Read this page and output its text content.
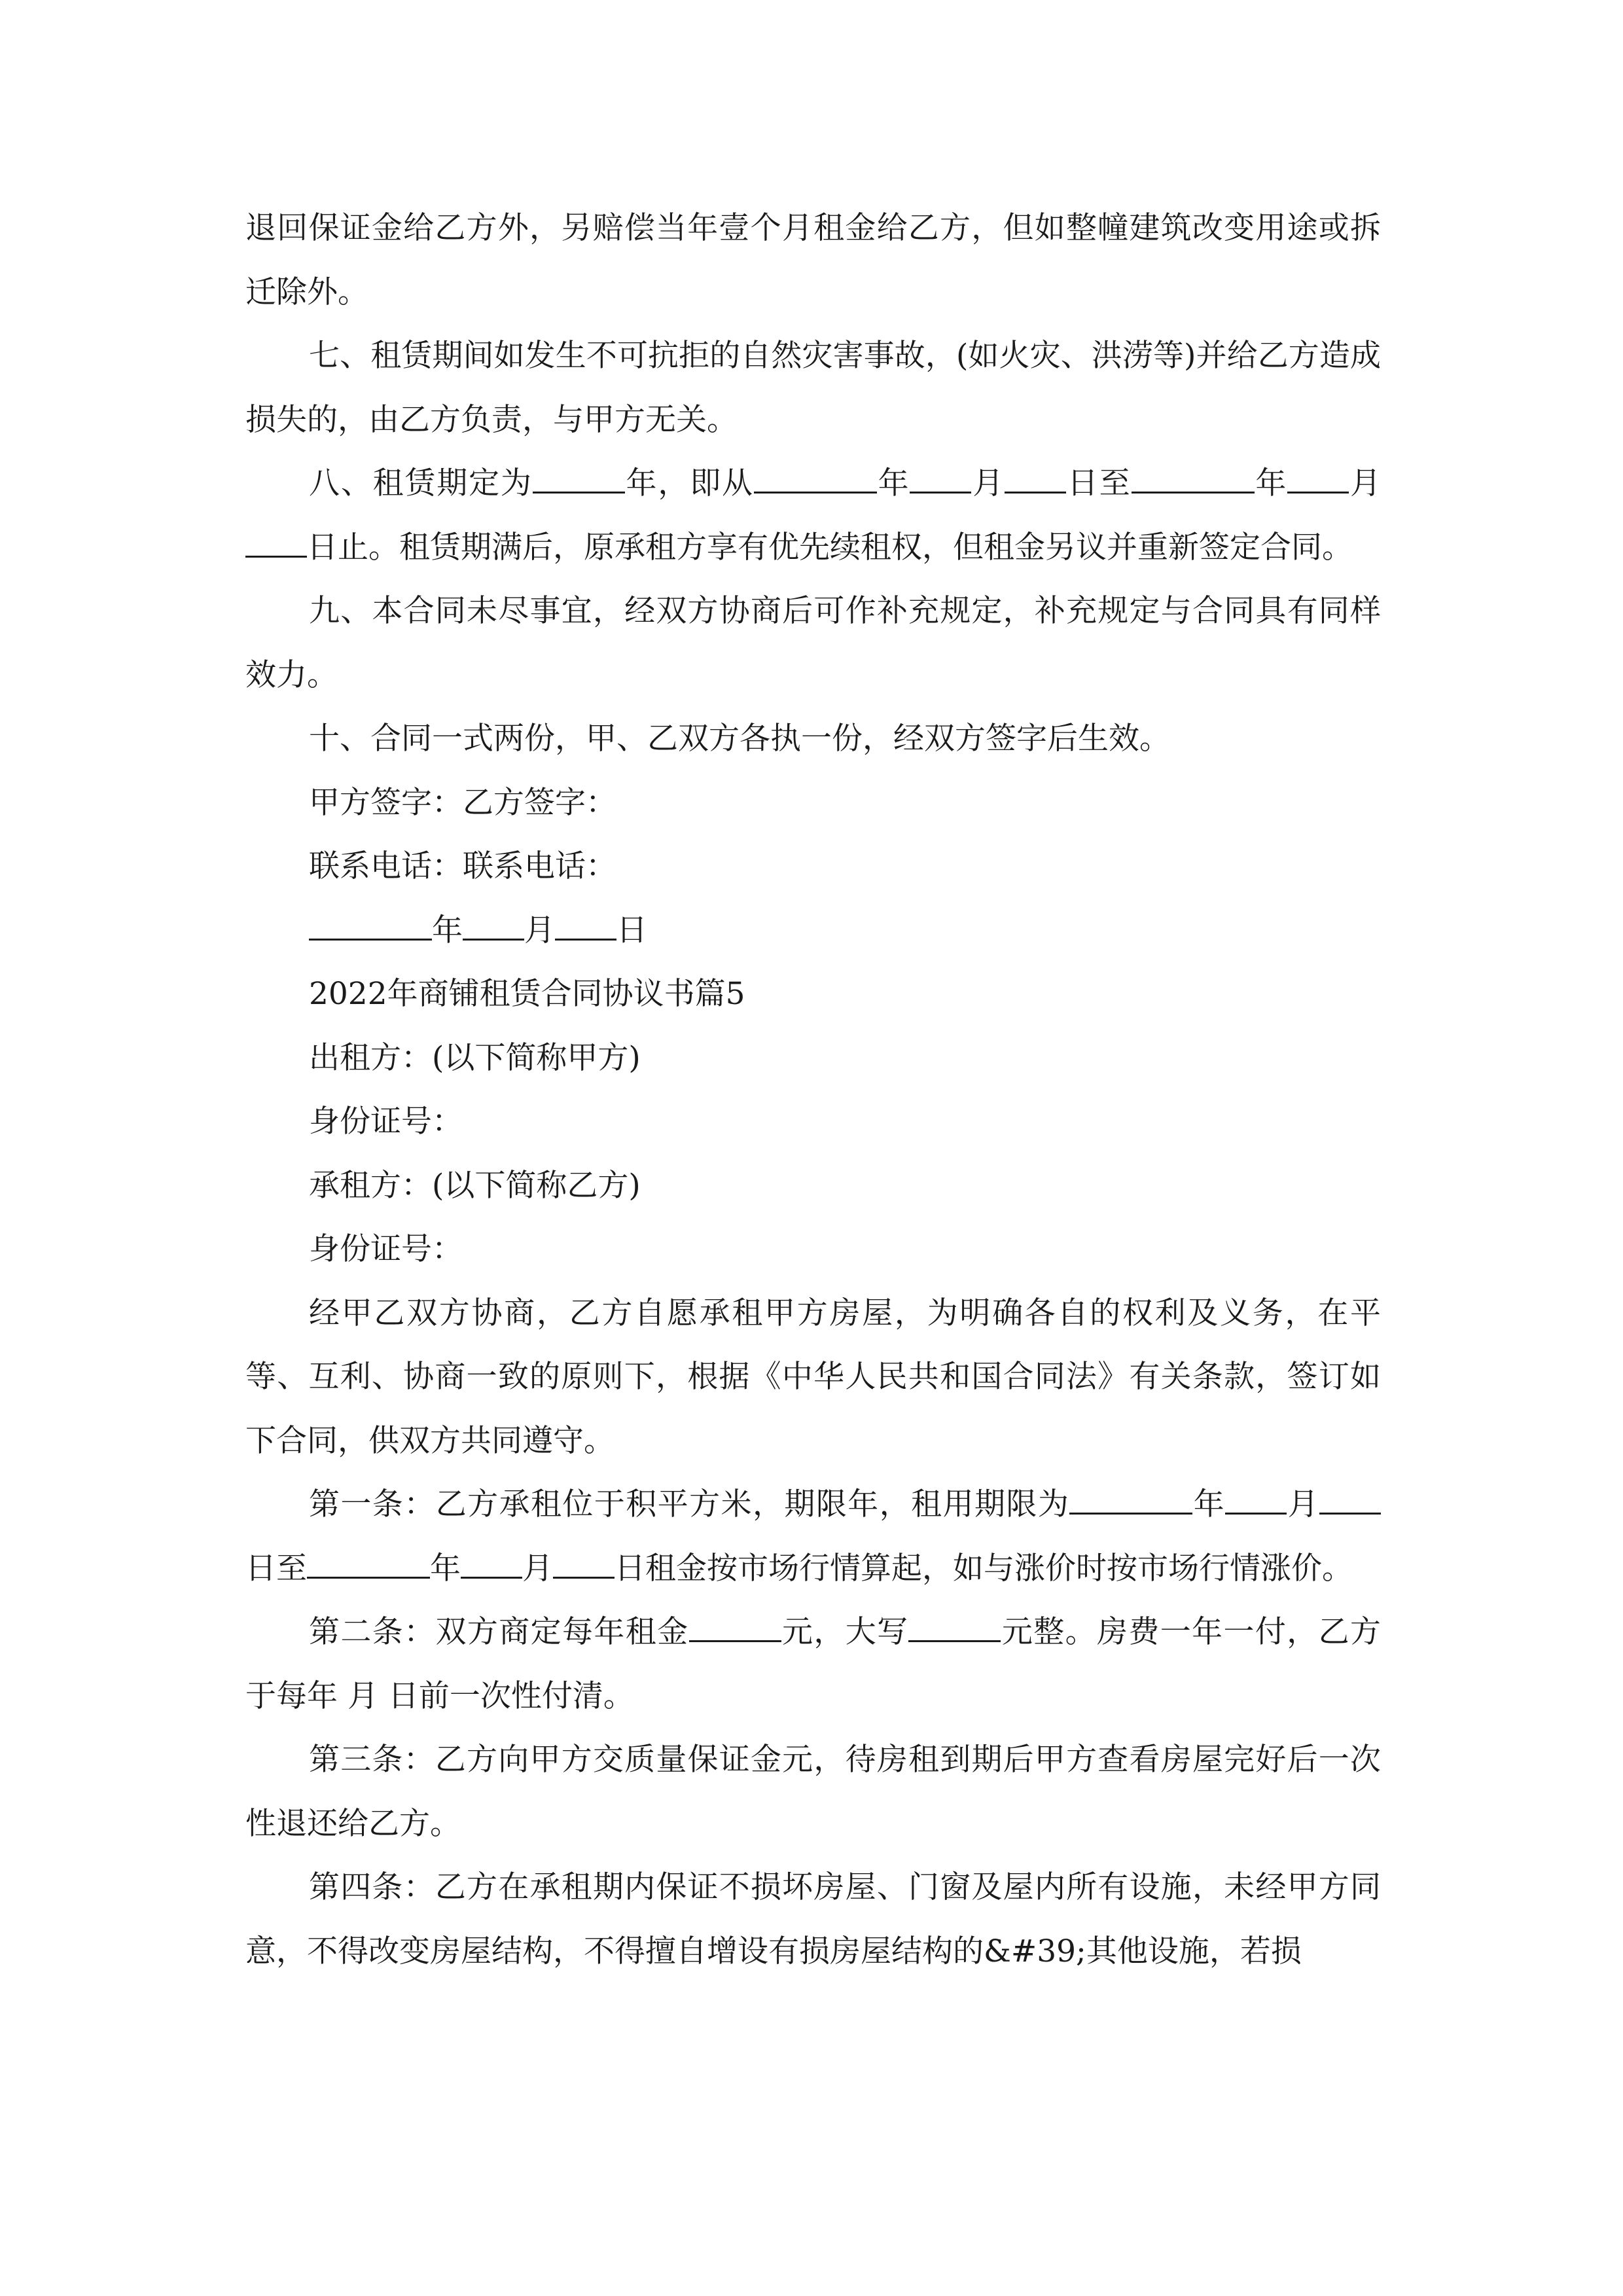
退回保证金给乙方外，另赔偿当年壹个月租金给乙方，但如整幢建筑改变用途或拆迁除外。

七、租赁期间如发生不可抗拒的自然灾害事故，(如火灾、洪涝等)并给乙方造成损失的，由乙方负责，与甲方无关。

八、租赁期定为	年，即从	年 月 日至	年 月日止。租赁期满后，原承租方享有优先续租权，但租金另议并重新签定合同。

九、本合同未尽事宜，经双方协商后可作补充规定，补充规定与合同具有同样效力。

十、合同一式两份，甲、乙双方各执一份，经双方签字后生效。

甲方签字：乙方签字：

联系电话：联系电话：

年 月 日

2022年商铺租赁合同协议书篇5

出租方：(以下简称甲方)

身份证号：

承租方：(以下简称乙方)

身份证号：

经甲乙双方协商，乙方自愿承租甲方房屋，为明确各自的权利及义务，在平等、互利、协商一致的原则下，根据《中华人民共和国合同法》有关条款，签订如下合同，供双方共同遵守。

第一条：乙方承租位于积平方米，期限年，租用期限为	年 月日至	年 月 日租金按市场行情算起，如与涨价时按市场行情涨价。

第二条：双方商定每年租金	元，大写	元整。房费一年一付，乙方于每年 月 日前一次性付清。

第三条：乙方向甲方交质量保证金元，待房租到期后甲方查看房屋完好后一次性退还给乙方。

第四条：乙方在承租期内保证不损坏房屋、门窗及屋内所有设施，未经甲方同意，不得改变房屋结构，不得擅自增设有损房屋结构的&#39;其他设施，若损
